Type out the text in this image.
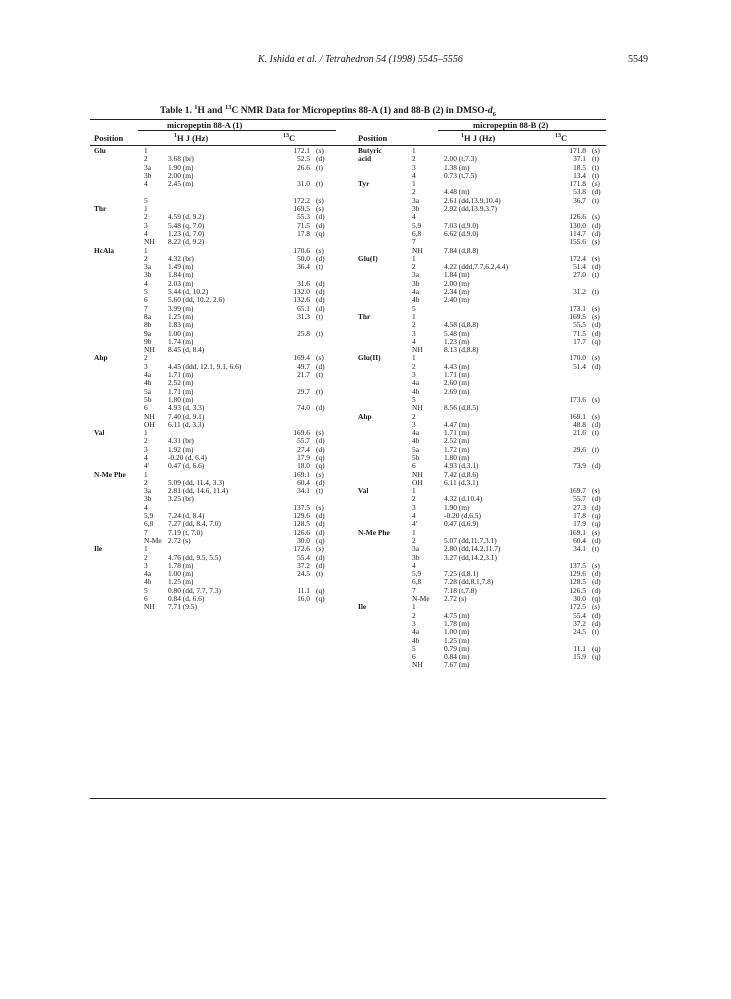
K. Ishida et al. / Tetrahedron 54 (1998) 5545–5556	5549
Table 1. $^1$H and $^{13}$C NMR Data for Micropeptins 88-A (1) and 88-B (2) in DMSO-$d_6$
micropeptin 88-A (1)	micropeptin 88-B (2)
Position	$^1$H J (Hz)	$^{13}$C	Position	$^1$H J (Hz)	$^{13}$C
Glu	1	172.1 (s)
2	3.68 (br)	52.5 (d)
3a 1.90 (m)	26.6 (t)
3b 2.00 (m)
4	2.45 (m)	31.0 (t)
5	172.2 (s)
Thr	1	169.5 (s)
2	4.59 (d, 9.2)	55.3 (d)
3	5.48 (q, 7.0)	71.5 (d)
4	1.23 (d, 7.0)	17.8 (q)
NH 8.22 (d, 9.2)
HcAla	1	170.6 (s)
2	4.32 (br)	50.0 (d)
3a 1.49 (m)	36.4 (t)
3b 1.84 (m)
4	2.03 (m)	31.6 (d)
5	5.44 (d, 10.2)	132.0 (d)
6	5.60 (dd, 10.2, 2.6)	132.6 (d)
7	3.99 (m)	65.1 (d)
8a 1.25 (m)	31.3 (t)
8b 1.83 (m)
9a 1.00 (m)	25.8 (t)
9b 1.74 (m)
NH 8.45 (d, 8.4)
Ahp	2	169.4 (s)
3	4.45 (ddd, 12.1, 9.1, 6.6)	49.7 (d)
4a 1.71 (m)	21.7 (t)
4b 2.52 (m)
5a 1.71 (m)	29.7 (t)
5b 1.80 (m)
6	4.93 (d, 3.3)	74.0 (d)
NH 7.40 (d, 9.1)
OH 6.11 (d, 3.3)
Val	1	169.6 (s)
2	4.31 (br)	55.7 (d)
3	1.92 (m)	27.4 (d)
4	-0.20 (d, 6.4)	17.9 (q)
4'	0.47 (d, 6.6)	18.0 (q)
N-Me Phe 1	169.1 (s)
2	5.09 (dd, 11.4, 3.3)	60.4 (d)
3a 2.81 (dd, 14.6, 11.4)	34.1 (t)
3b 3.25 (br)
4	137.5 (s)
5,9 7.24 (d, 8.4)	129.6 (d)
6,8 7.27 (dd, 8.4, 7.0)	128.5 (d)
7	7.19 (t, 7.0)	126.6 (d)
N-Me 2.72 (s)	30.0 (q)
Ile	1	172.6 (s)
2	4.76 (dd, 9.5, 5.5)	55.4 (d)
3	1.78 (m)	37.2 (d)
4a 1.00 (m)	24.5 (t)
4b 1.25 (m)
5	0.80 (dd, 7.7, 7.3)	11.1 (q)
6	0.84 (d, 6.6)	16.0 (q)
NH 7.71 (9.5)
Butyric	1	171.8 (s)
acid	2	2.00 (t,7.3)	37.1 (t)
3	1.38 (m)	18.5 (t)
4	0.73 (t,7.5)	13.4 (t)
Tyr	1	171.8 (s)
2	4.48 (m)	53.8 (d)
3a	2.61 (dd,13.9,10.4)	36.7 (t)
3b	2.92 (dd,13.9,3.7)
4	126.6 (s)
5,9	7.03 (d,9.0)	130.0 (d)
6,8	6.62 (d,9.0)	114.7 (d)
7	155.6 (s)
NH	7.84 (d,8.8)
Glu(I)	1	172.4 (s)
2	4.22 (ddd,7.7,6.2,4.4)	51.4 (d)
3a	1.84 (m)	27.0 (t)
3b	2.00 (m)
4a	2.34 (m)	31.2 (t)
4b	2.40 (m)
5	173.1 (s)
Thr	1	169.5 (s)
2	4.58 (d,8.8)	55.5 (d)
3	5.48 (m)	71.5 (d)
4	1.23 (m)	17.7 (q)
NH	8.13 (d,8.8)
Glu(II)	1	170.0 (s)
2	4.43 (m)	51.4 (d)
3	1.71 (m)
4a	2.60 (m)
4b	2.69 (m)
5	173.6 (s)
NH	8.56 (d,8.5)
Ahp	2	169.1 (s)
3	4.47 (m)	48.8 (d)
4a	1.71 (m)	21.6 (t)
4b	2.52 (m)
5a	1.72 (m)	29.6 (t)
5b	1.80 (m)
6	4.93 (d,3.1)	73.9 (d)
NH	7.42 (d,8.6)
OH	6.11 (d,3.1)
Val	1	169.7 (s)
2	4.32 (d,10.4)	55.7 (d)
3	1.90 (m)	27.3 (d)
4	-0.20 (d,6.5)	17.8 (q)
4'	0.47 (d,6.9)	17.9 (q)
N-Me Phe	1	169.1 (s)
2	5.07 (dd,11.7,3.1)	60.4 (d)
3a	2.80 (dd,14.2,11.7)	34.1 (t)
3b	3.27 (dd,14.2,3.1)
4	137.5 (s)
5,9	7.25 (d,8.1)	129.6 (d)
6,8	7.28 (dd,8.1,7.8)	128.5 (d)
7	7.18 (t,7.8)	126.5 (d)
N-Me 2.72 (s)	30.0 (q)
Ile	1	172.5 (s)
2	4.75 (m)	55.4 (d)
3	1.78 (m)	37.2 (d)
4a	1.00 (m)	24.5 (t)
4b	1.25 (m)
5	0.79 (m)	11.1 (q)
6	0.84 (m)	15.9 (q)
NH	7.67 (m)
